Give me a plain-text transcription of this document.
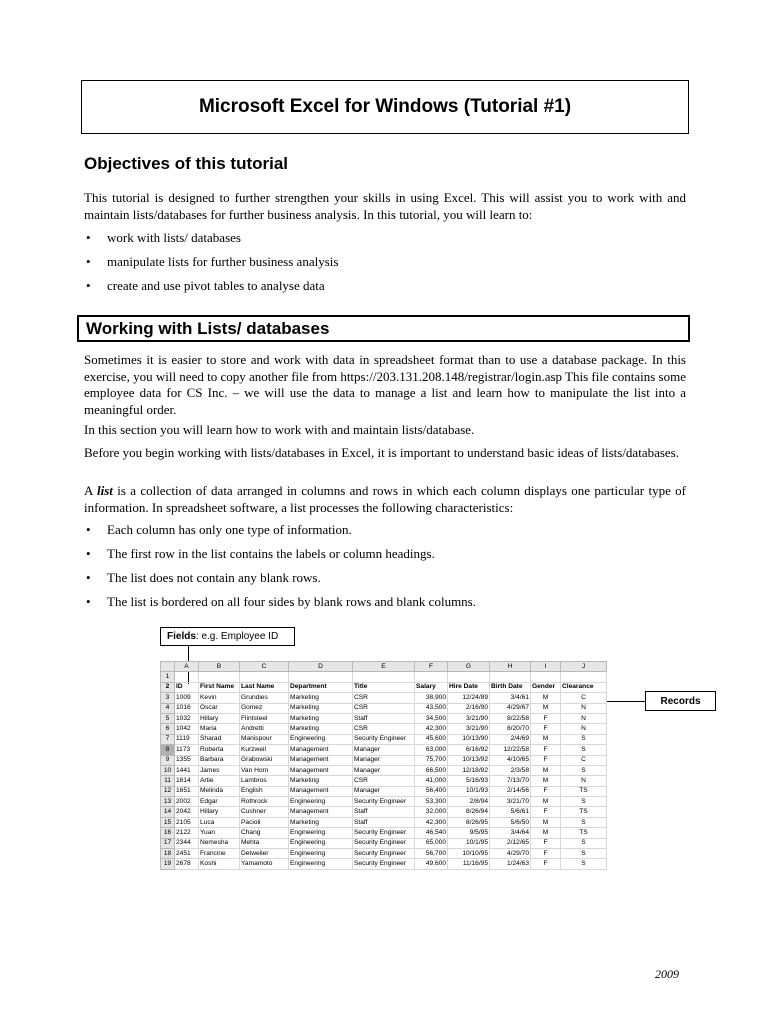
Microsoft Excel for Windows (Tutorial #1)
Objectives of this tutorial
This tutorial is designed to further strengthen your skills in using Excel. This will assist you to work with and maintain lists/databases for further business analysis. In this tutorial, you will learn to:
• work with lists/ databases
• manipulate lists for further business analysis
• create and use pivot tables to analyse data
Working with Lists/ databases
Sometimes it is easier to store and work with data in spreadsheet format than to use a database package. In this exercise, you will need to copy another file from https://203.131.208.148/registrar/login.asp This file contains some employee data for CS Inc. – we will use the data to manage a list and learn how to manipulate the list into a meaningful order.
In this section you will learn how to work with and maintain lists/database.
Before you begin working with lists/databases in Excel, it is important to understand basic ideas of lists/databases.
A list is a collection of data arranged in columns and rows in which each column displays one particular type of information. In spreadsheet software, a list processes the following characteristics:
• Each column has only one type of information.
• The first row in the list contains the labels or column headings.
• The list does not contain any blank rows.
• The list is bordered on all four sides by blank rows and blank columns.
Fields : e.g. Employee ID
Records
	A	B	C	D	E	F	G	H	I	J
1										
2	ID	First Name	Last Name	Department	Title	Salary	Hire Date	Birth Date	Gender	Clearance
3	1009	Kevin	Grundies	Marketing	CSR	38,900	12/24/89	3/4/61	M	C
4	1016	Oscar	Gomez	Marketing	CSR	43,500	2/16/90	4/29/67	M	N
5	1032	Hillary	Flintsteel	Marketing	Staff	34,500	3/21/90	8/22/58	F	N
6	1042	Maria	Andretti	Marketing	CSR	42,300	3/21/90	8/20/70	F	N
7	1119	Sharad	Manispour	Engineering	Security Engineer	45,600	10/13/90	2/4/69	M	S
8	1173	Roberta	Kurzweil	Management	Manager	63,000	6/16/92	12/22/58	F	S
9	1355	Barbara	Grabowski	Management	Manager	75,700	10/13/92	4/10/65	F	C
10	1441	James	Van Horn	Management	Manager	66,500	12/18/92	2/3/58	M	S
11	1614	Artie	Lambros	Marketing	CSR	41,000	5/16/93	7/13/70	M	N
12	1651	Melinda	English	Management	Manager	56,400	10/1/93	2/14/56	F	TS
13	2002	Edgar	Rothrock	Engineering	Security Engineer	53,300	2/8/94	3/21/70	M	S
14	2042	Hillary	Cushner	Management	Staff	32,000	8/26/94	5/6/61	F	TS
15	2105	Luca	Pacioli	Marketing	Staff	42,300	8/26/95	5/6/50	M	S
16	2122	Yuan	Chang	Engineering	Security Engineer	46,540	9/5/95	3/4/64	M	TS
17	2344	Nemesha	Mehta	Engineering	Security Engineer	65,000	10/1/95	2/12/65	F	S
18	2451	Francine	Detweiler	Engineering	Security Engineer	56,700	10/10/95	4/29/70	F	S
19	2678	Koshi	Yamamoto	Engineering	Security Engineer	49,600	11/16/95	1/24/63	F	S
2009
